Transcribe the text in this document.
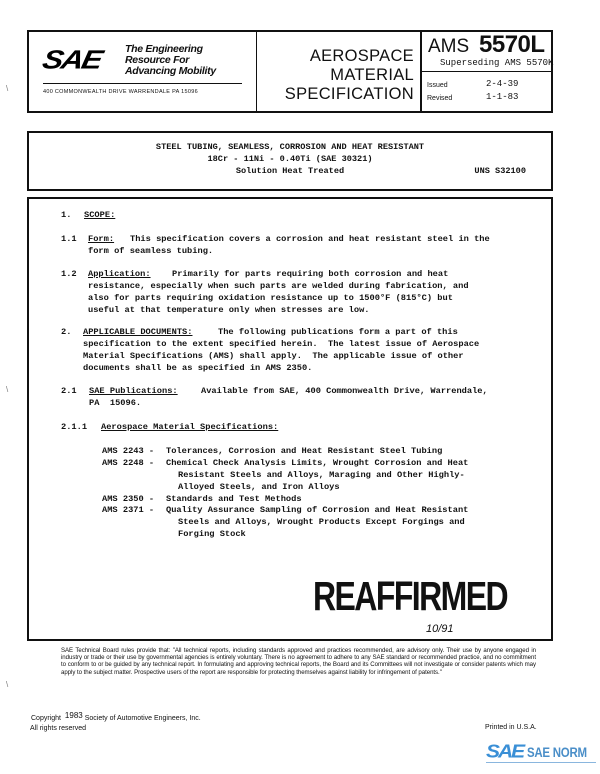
SAE The Engineering
Resource For
Advancing Mobility
400 COMMONWEALTH DRIVE WARRENDALE PA 15096
AEROSPACE
MATERIAL
SPECIFICATION
AMS 5570L
Superseding AMS 5570K
Issued	2-4-39
Revised	1-1-83
STEEL TUBING, SEAMLESS, CORROSION AND HEAT RESISTANT
18Cr - 11Ni - 0.40Ti (SAE 30321)
Solution Heat Treated	UNS S32100
1. SCOPE:
1.1 Form: This specification covers a corrosion and heat resistant steel in the
form of seamless tubing.
1.2 Application: Primarily for parts requiring both corrosion and heat
resistance, especially when such parts are welded during fabrication, and
also for parts requiring oxidation resistance up to 1500°F (815°C) but
useful at that temperature only when stresses are low.
2. APPLICABLE DOCUMENTS:	The following publications form a part of this
specification to the extent specified herein.  The latest issue of Aerospace
Material Specifications (AMS) shall apply.  The applicable issue of other
documents shall be as specified in AMS 2350.
2.1 SAE Publications:	Available from SAE, 400 Commonwealth Drive, Warrendale,
PA  15096.
2.1.1 Aerospace Material Specifications:
AMS 2243 - Tolerances, Corrosion and Heat Resistant Steel Tubing
AMS 2248 - Chemical Check Analysis Limits, Wrought Corrosion and Heat
Resistant Steels and Alloys, Maraging and Other Highly-
Alloyed Steels, and Iron Alloys
AMS 2350 - Standards and Test Methods
AMS 2371 - Quality Assurance Sampling of Corrosion and Heat Resistant
Steels and Alloys, Wrought Products Except Forgings and
Forging Stock
REAFFIRMED
10/91
SAE Technical Board rules provide that: "All technical reports, including standards approved and practices recommended, are advisory only. Their use by anyone engaged in industry or trade or their use by governmental agencies is entirely voluntary. There is no agreement to adhere to any SAE standard or recommended practice, and no commitment to conform to or be guided by any technical report. In formulating and approving technical reports, the Board and its Committees will not investigate or consider patents which may apply to the subject matter. Prospective users of the report are responsible for protecting themselves against liability for infringement of patents."
Copyright 1983 Society of Automotive Engineers, Inc.
All rights reserved	Printed in U.S.A.
SAE SAE NORM
\
\
\
